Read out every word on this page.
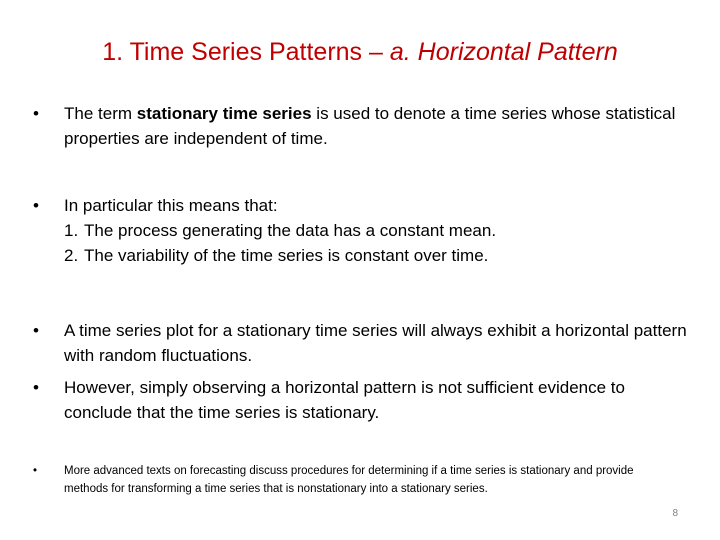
1. Time Series Patterns – a. Horizontal Pattern
•	The term stationary time series is used to denote a time series whose statistical properties are independent of time.
•	In particular this means that:
1. The process generating the data has a constant mean.
2. The variability of the time series is constant over time.
•	A time series plot for a stationary time series will always exhibit a horizontal pattern with random fluctuations.
•	However, simply observing a horizontal pattern is not sufficient evidence to conclude that the time series is stationary.
•	More advanced texts on forecasting discuss procedures for determining if a time series is stationary and provide methods for transforming a time series that is nonstationary into a stationary series.
8
